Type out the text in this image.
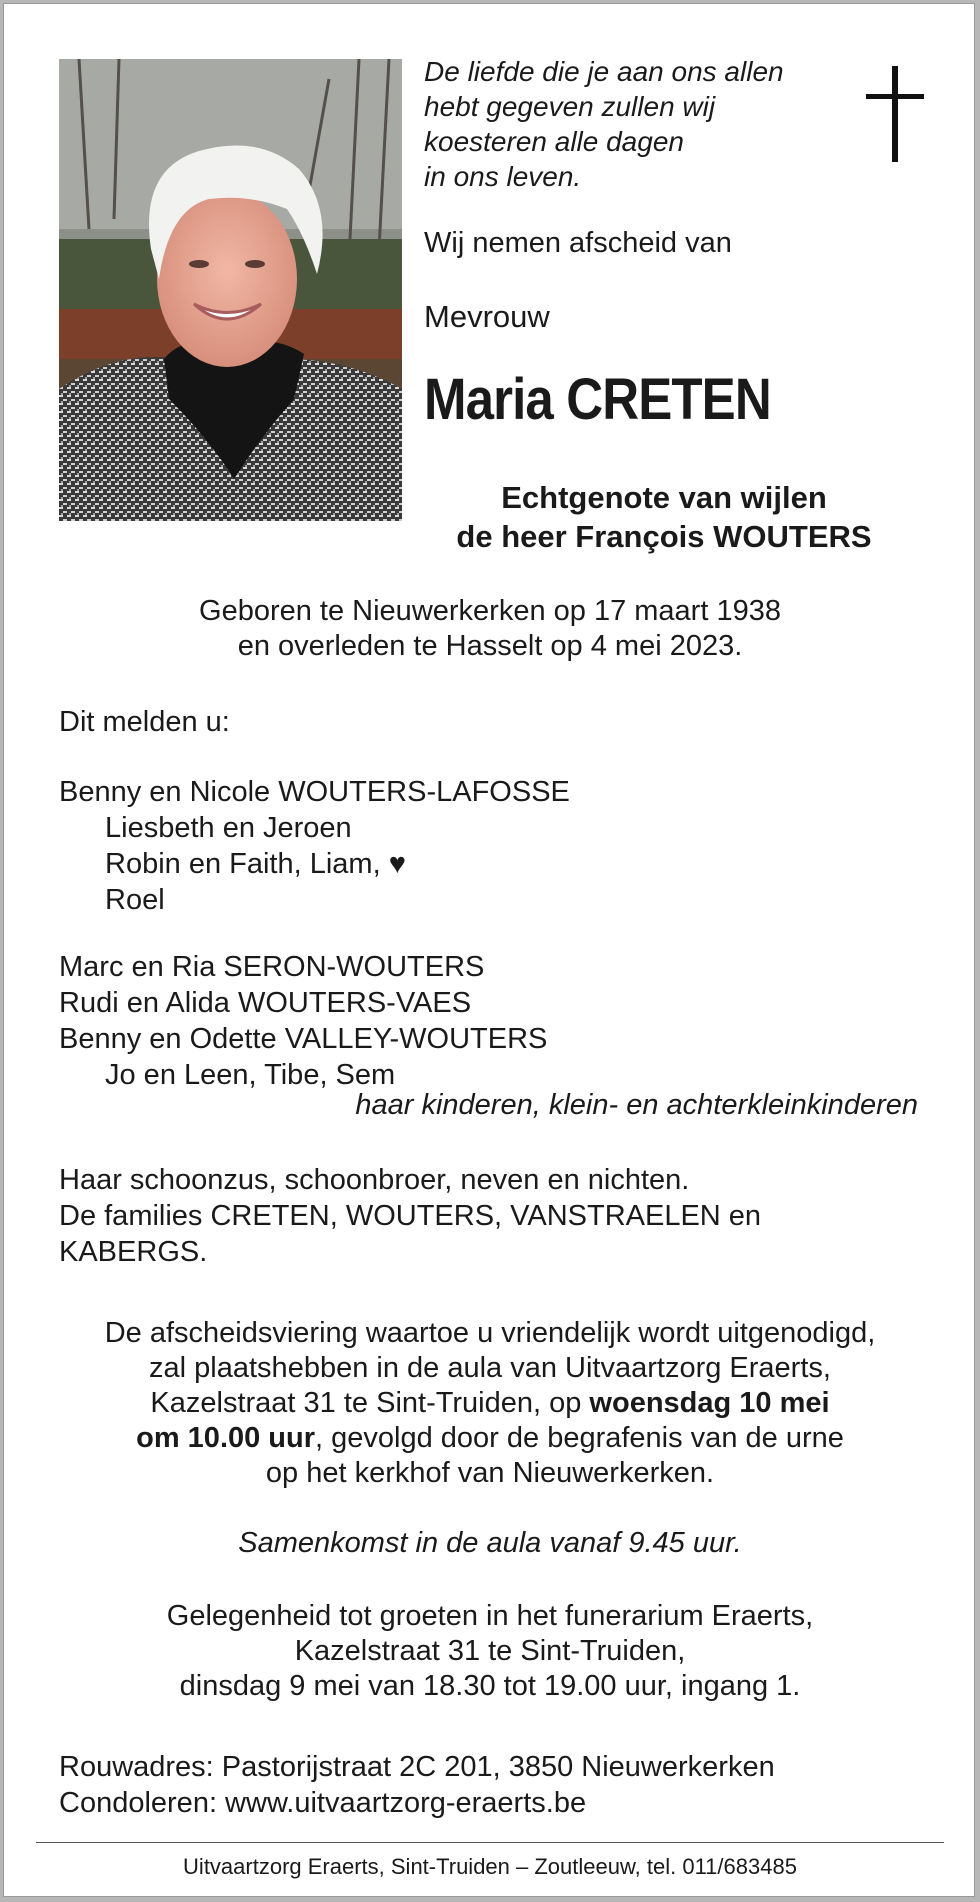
De liefde die je aan ons allen
hebt gegeven zullen wij
koesteren alle dagen
in ons leven.
Wij nemen afscheid van
Mevrouw
Maria CRETEN
Echtgenote van wijlen
de heer François WOUTERS
Geboren te Nieuwerkerken op 17 maart 1938
en overleden te Hasselt op 4 mei 2023.
Dit melden u:
Benny en Nicole WOUTERS-LAFOSSE
Liesbeth en Jeroen
Robin en Faith, Liam, ♥
Roel
Marc en Ria SERON-WOUTERS
Rudi en Alida WOUTERS-VAES
Benny en Odette VALLEY-WOUTERS
Jo en Leen, Tibe, Sem
haar kinderen, klein- en achterkleinkinderen
Haar schoonzus, schoonbroer, neven en nichten.
De families CRETEN, WOUTERS, VANSTRAELEN en
KABERGS.
De afscheidsviering waartoe u vriendelijk wordt uitgenodigd,
zal plaatshebben in de aula van Uitvaartzorg Eraerts,
Kazelstraat 31 te Sint-Truiden, op woensdag 10 mei
om 10.00 uur, gevolgd door de begrafenis van de urne
op het kerkhof van Nieuwerkerken.
Samenkomst in de aula vanaf 9.45 uur.
Gelegenheid tot groeten in het funerarium Eraerts,
Kazelstraat 31 te Sint-Truiden,
dinsdag 9 mei van 18.30 tot 19.00 uur, ingang 1.
Rouwadres: Pastorijstraat 2C 201, 3850 Nieuwerkerken
Condoleren: www.uitvaartzorg-eraerts.be
Uitvaartzorg Eraerts, Sint-Truiden – Zoutleeuw, tel. 011/683485
